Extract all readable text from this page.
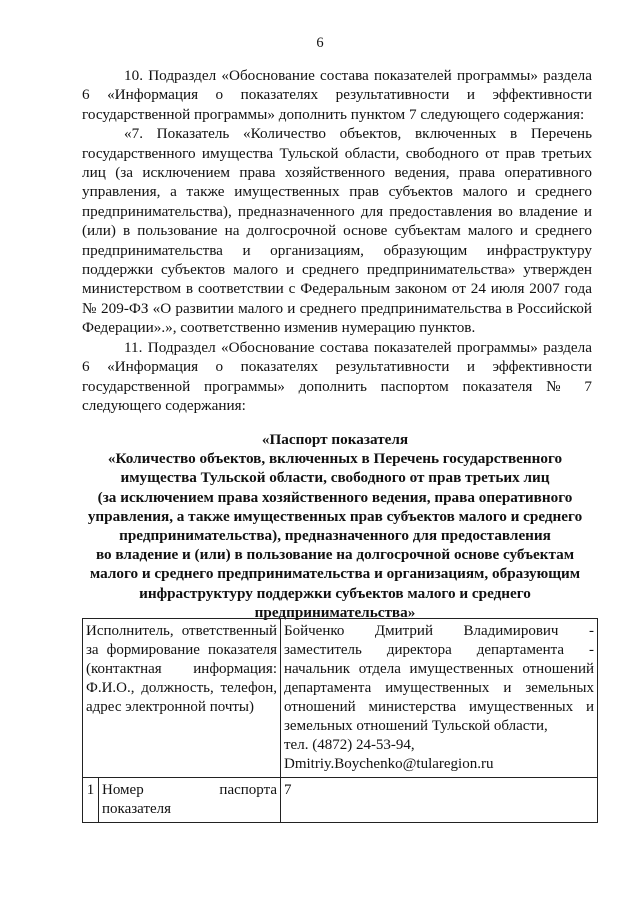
6

10. Подраздел «Обоснование состава показателей программы» раздела 6 «Информация о показателях результативности и эффективности государственной программы» дополнить пунктом 7 следующего содержания:

«7. Показатель «Количество объектов, включенных в Перечень государственного имущества Тульской области, свободного от прав третьих лиц (за исключением права хозяйственного ведения, права оперативного управления, а также имущественных прав субъектов малого и среднего предпринимательства), предназначенного для предоставления во владение и (или) в пользование на долгосрочной основе субъектам малого и среднего предпринимательства и организациям, образующим инфраструктуру поддержки субъектов малого и среднего предпринимательства» утвержден министерством в соответствии с Федеральным законом от 24 июля 2007 года № 209-ФЗ «О развитии малого и среднего предпринимательства в Российской Федерации».», соответственно изменив нумерацию пунктов.

11. Подраздел «Обоснование состава показателей программы» раздела 6 «Информация о показателях результативности и эффективности государственной программы» дополнить паспортом показателя № 7 следующего содержания:

«Паспорт показателя
«Количество объектов, включенных в Перечень государственного
имущества Тульской области, свободного от прав третьих лиц
(за исключением права хозяйственного ведения, права оперативного
управления, а также имущественных прав субъектов малого и среднего
предпринимательства), предназначенного для предоставления
во владение и (или) в пользование на долгосрочной основе субъектам
малого и среднего предпринимательства и организациям, образующим
инфраструктуру поддержки субъектов малого и среднего
предпринимательства»
Исполнитель, ответственный за формирование показателя (контактная информация: Ф.И.О., должность, телефон, адрес электронной почты)		Бойченко Дмитрий Владимирович - заместитель директора департамента - начальник отдела имущественных отношений департамента имущественных и земельных отношений министерства имущественных и земельных отношений Тульской области,
тел. (4872) 24-53-94,
Dmitriy.Boychenko@tularegion.ru

1	Номер паспорта показателя	7
